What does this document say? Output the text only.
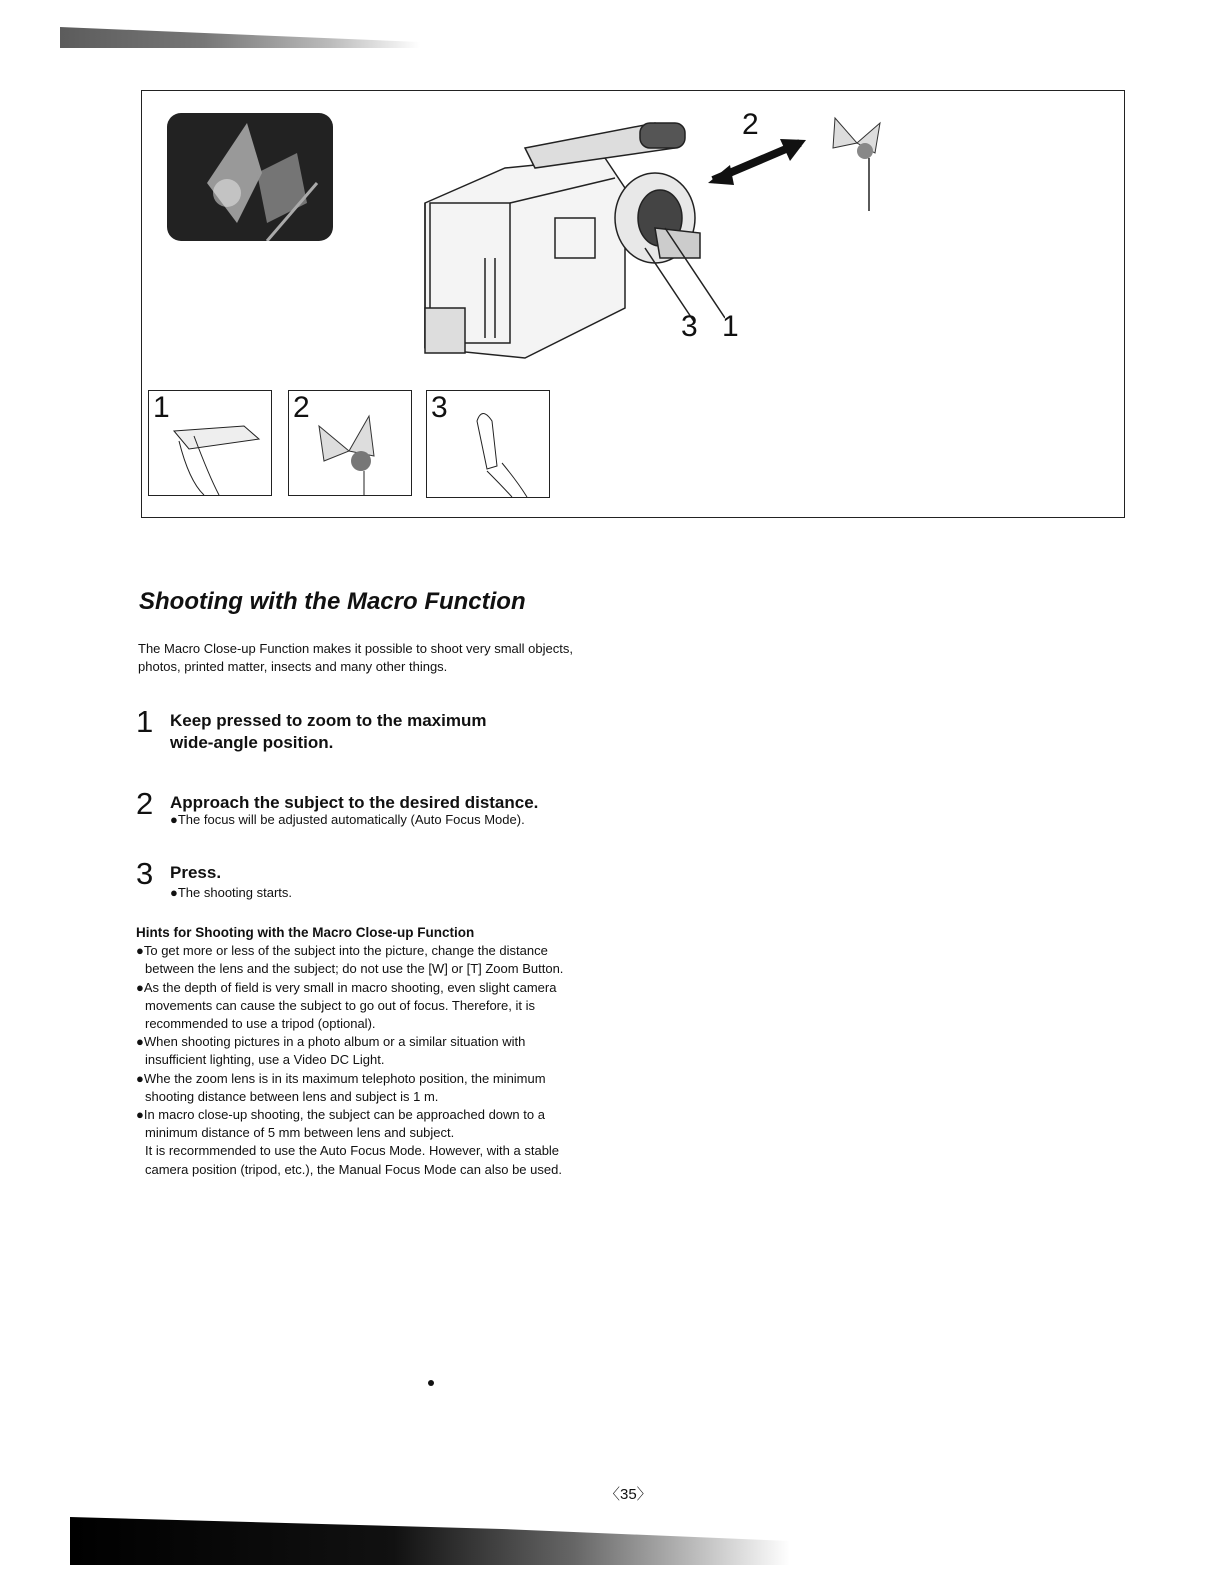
2
3 1
1	2	3
Shooting with the Macro Function
The Macro Close-up Function makes it possible to shoot very small objects, photos, printed matter, insects and many other things.
1 Keep pressed to zoom to the maximum wide-angle position.
2 Approach the subject to the desired distance.
●The focus will be adjusted automatically (Auto Focus Mode).
3 Press.
●The shooting starts.
Hints for Shooting with the Macro Close-up Function
●To get more or less of the subject into the picture, change the distance between the lens and the subject; do not use the [W] or [T] Zoom Button.
●As the depth of field is very small in macro shooting, even slight camera movements can cause the subject to go out of focus. Therefore, it is recommended to use a tripod (optional).
●When shooting pictures in a photo album or a similar situation with insufficient lighting, use a Video DC Light.
●Whe the zoom lens is in its maximum telephoto position, the minimum shooting distance between lens and subject is 1 m.
●In macro close-up shooting, the subject can be approached down to a minimum distance of 5 mm between lens and subject.

It is recormmended to use the Auto Focus Mode. However, with a stable camera position (tripod, etc.), the Manual Focus Mode can also be used.

〈35〉
